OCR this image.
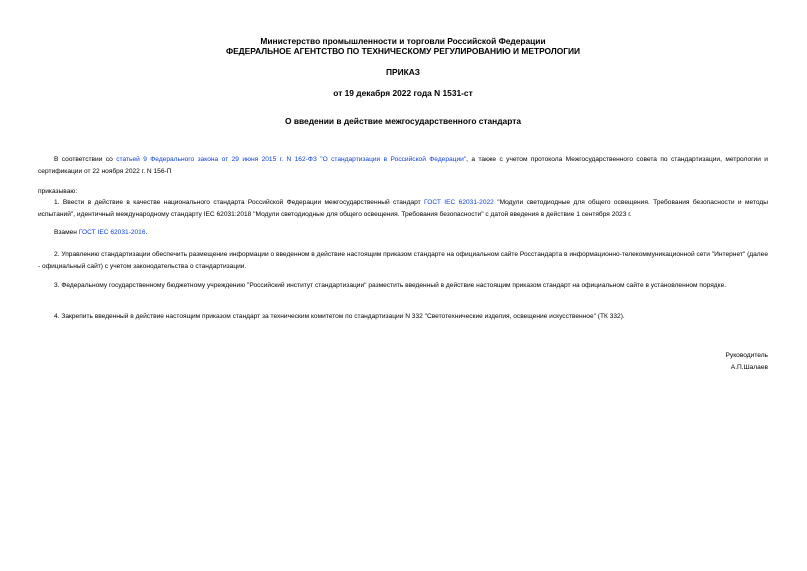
Министерство промышленности и торговли Российской Федерации
ФЕДЕРАЛЬНОЕ АГЕНТСТВО ПО ТЕХНИЧЕСКОМУ РЕГУЛИРОВАНИЮ И МЕТРОЛОГИИ
ПРИКАЗ
от 19 декабря 2022 года N 1531-ст
О введении в действие межгосударственного стандарта

В соответствии со статьей 9 Федерального закона от 29 июня 2015 г. N 162-ФЗ "О стандартизации в Российской Федерации", а также с учетом протокола Межгосударственного совета по стандартизации, метрологии и сертификации от 22 ноября 2022 г. N 156-П

приказываю:

1. Ввести в действие в качестве национального стандарта Российской Федерации межгосударственный стандарт ГОСТ IEC 62031-2022 "Модули светодиодные для общего освещения. Требования безопасности и методы испытаний", идентичный международному стандарту IEC 62031:2018 "Модули светодиодные для общего освещения. Требования безопасности" с датой введения в действие 1 сентября 2023 г.

Взамен ГОСТ IEC 62031-2016.

2. Управлению стандартизации обеспечить размещение информации о введенном в действие настоящим приказом стандарте на официальном сайте Росстандарта в информационно-телекоммуникационной сети "Интернет" (далее - официальный сайт) с учетом законодательства о стандартизации.

3. Федеральному государственному бюджетному учреждению "Российский институт стандартизации" разместить введенный в действие настоящим приказом стандарт на официальном сайте в установленном порядке.

4. Закрепить введенный в действие настоящим приказом стандарт за техническим комитетом по стандартизации N 332 "Светотехнические изделия, освещение искусственное" (ТК 332).

Руководитель
А.П.Шалаев
